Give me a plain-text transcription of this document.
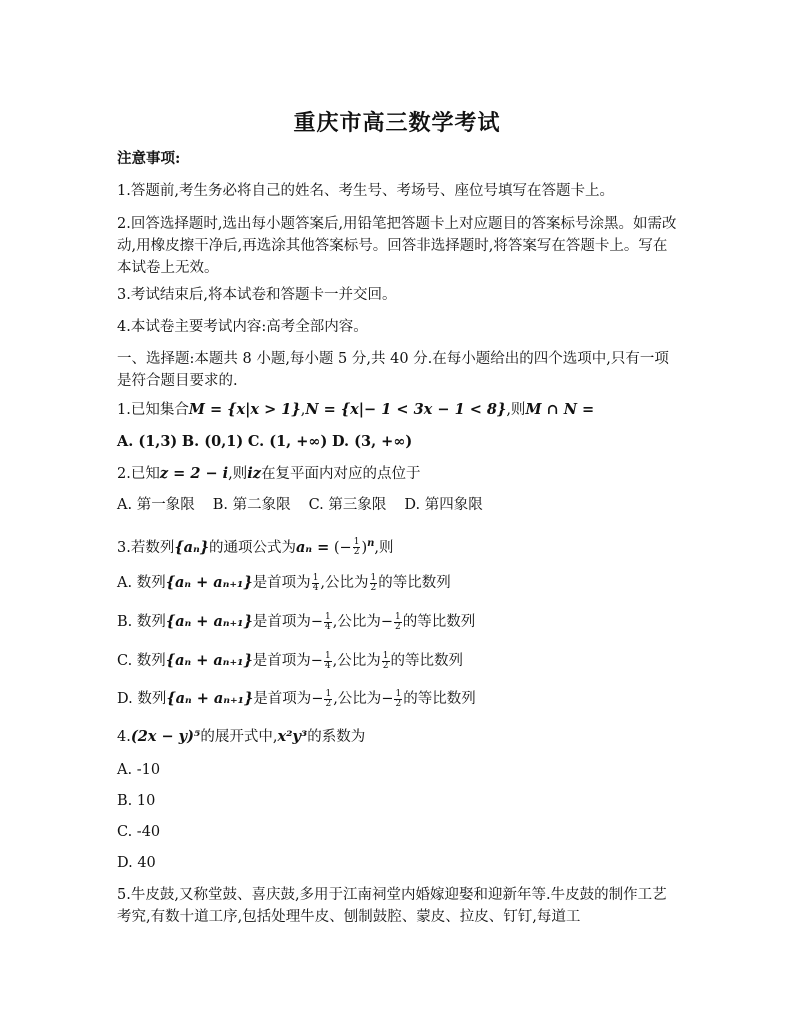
重庆市高三数学考试
注意事项:
1.答题前,考生务必将自己的姓名、考生号、考场号、座位号填写在答题卡上。
2.回答选择题时,选出每小题答案后,用铅笔把答题卡上对应题目的答案标号涂黑。如需改动,用橡皮擦干净后,再选涂其他答案标号。回答非选择题时,将答案写在答题卡上。写在本试卷上无效。
3.考试结束后,将本试卷和答题卡一并交回。
4.本试卷主要考试内容:高考全部内容。
一、选择题:本题共 8 小题,每小题 5 分,共 40 分.在每小题给出的四个选项中,只有一项是符合题目要求的.
1.已知集合M = {x|x > 1},N = {x|− 1 < 3x − 1 < 8},则M ∩ N =
A. (1,3) B. (0,1) C. (1, +∞) D. (3, +∞)
2.已知z = 2 − i,则iz在复平面内对应的点位于
A. 第一象限 B. 第二象限 C. 第三象限 D. 第四象限
3.若数列{aₙ}的通项公式为aₙ = (− $\frac{1}{2} )^n$,则
A. 数列{aₙ + aₙ₊₁}是首项为 $\frac{1}{4}$ ,公比为 $\frac{1}{2}$ 的等比数列
B. 数列{aₙ + aₙ₊₁}是首项为− $\frac{1}{4}$ ,公比为− $\frac{1}{2}$ 的等比数列
C. 数列{aₙ + aₙ₊₁}是首项为− $\frac{1}{4}$ ,公比为 $\frac{1}{2}$ 的等比数列
D. 数列{aₙ + aₙ₊₁}是首项为− $\frac{1}{2}$ ,公比为− $\frac{1}{2}$ 的等比数列
4.(2x − y)⁵的展开式中,x²y³的系数为
A. -10
B. 10
C. -40
D. 40
5.牛皮鼓,又称堂鼓、喜庆鼓,多用于江南祠堂内婚嫁迎娶和迎新年等.牛皮鼓的制作工艺考究,有数十道工序,包括处理牛皮、刨制鼓腔、蒙皮、拉皮、钉钉,每道工
